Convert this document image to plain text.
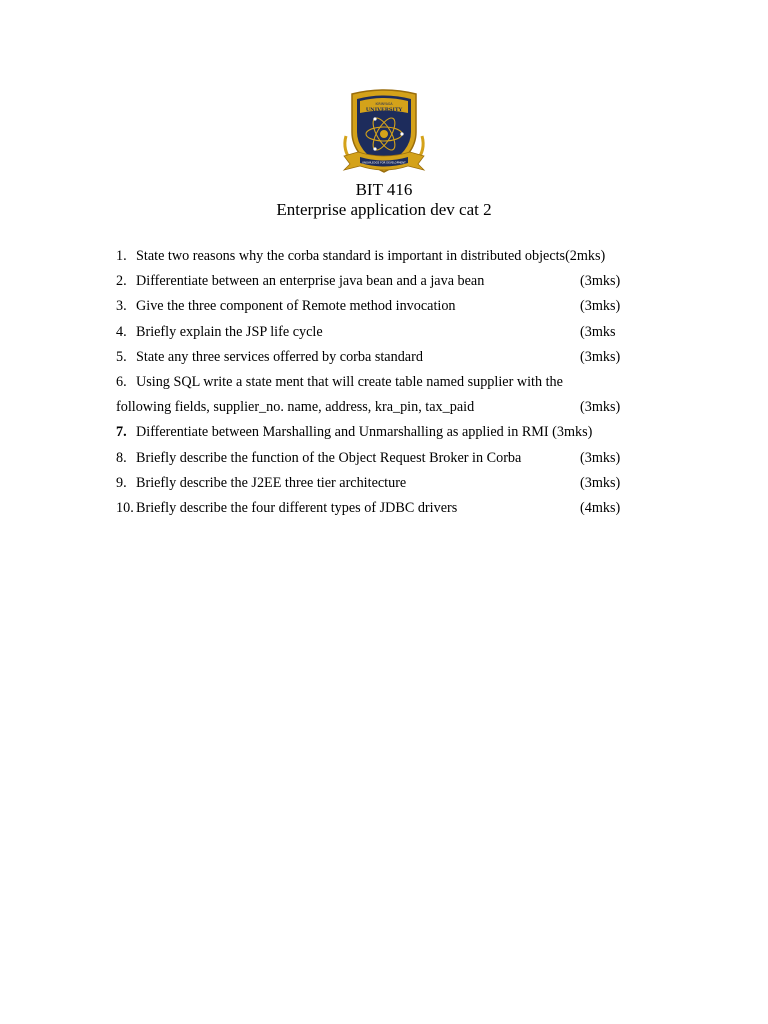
KIRINYAGA
UNIVERSITY
KNOWLEDGE FOR DEVELOPMENT
BIT 416
Enterprise application dev cat 2
1. State two reasons why the corba standard is important in distributed objects(2mks)
2. Differentiate between an enterprise java bean and a java bean	(3mks)
3. Give the three component of Remote method invocation	(3mks)
4. Briefly explain the JSP life cycle	(3mks
5. State any three services offerred by corba standard	(3mks)
6. Using SQL write a state ment that will create table named supplier with the
following fields, supplier_no. name, address, kra_pin, tax_paid	(3mks)
7. Differentiate between Marshalling and Unmarshalling as applied in RMI (3mks)
8. Briefly describe the function of the Object Request Broker in Corba	(3mks)
9. Briefly describe the J2EE three tier architecture	(3mks)
10. Briefly describe the four different types of JDBC drivers	(4mks)
